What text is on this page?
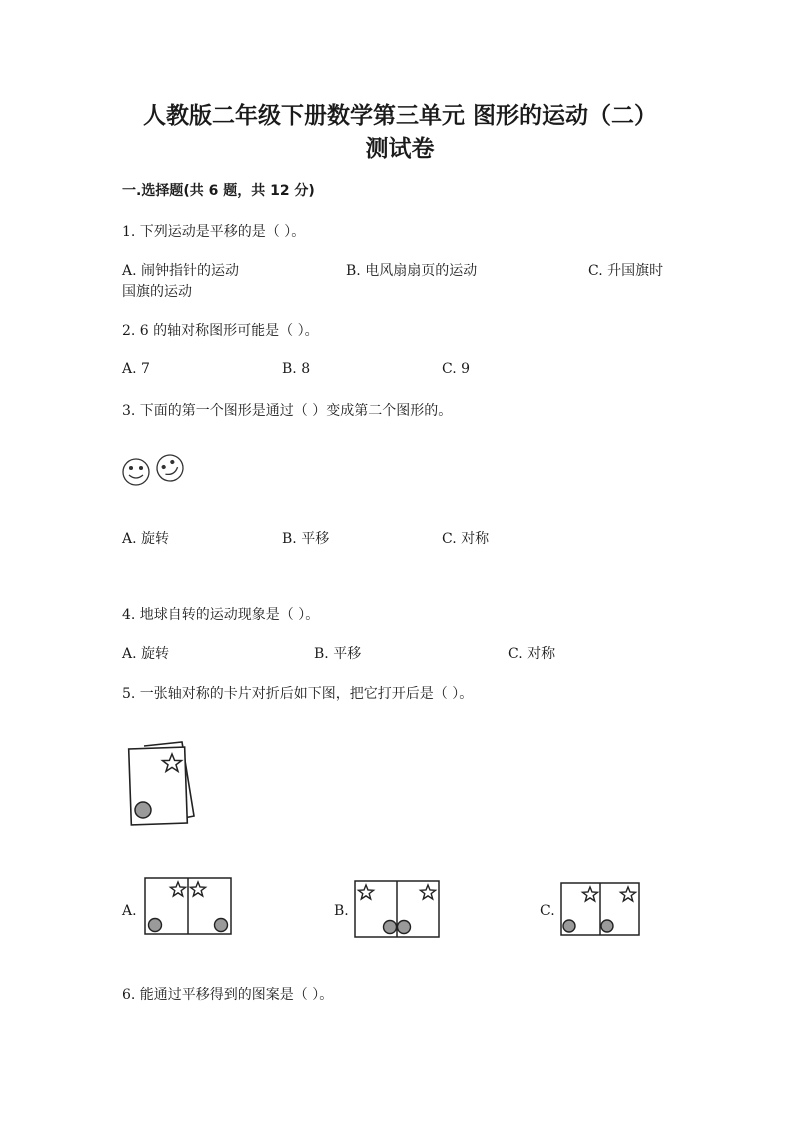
人教版二年级下册数学第三单元 图形的运动（二）
测试卷
一.选择题(共 6 题，共 12 分)
1. 下列运动是平移的是（ ）。
A. 闹钟指针的运动	B. 电风扇扇页的运动	C. 升国旗时
国旗的运动
2. 6 的轴对称图形可能是（ ）。
A. 7	B. 8	C. 9
3. 下面的第一个图形是通过（ ）变成第二个图形的。
A. 旋转	B. 平移	C. 对称
4. 地球自转的运动现象是（ ）。
A. 旋转	B. 平移	C. 对称
5. 一张轴对称的卡片对折后如下图，把它打开后是（ ）。
A.	B.	C.
6. 能通过平移得到的图案是（ ）。
